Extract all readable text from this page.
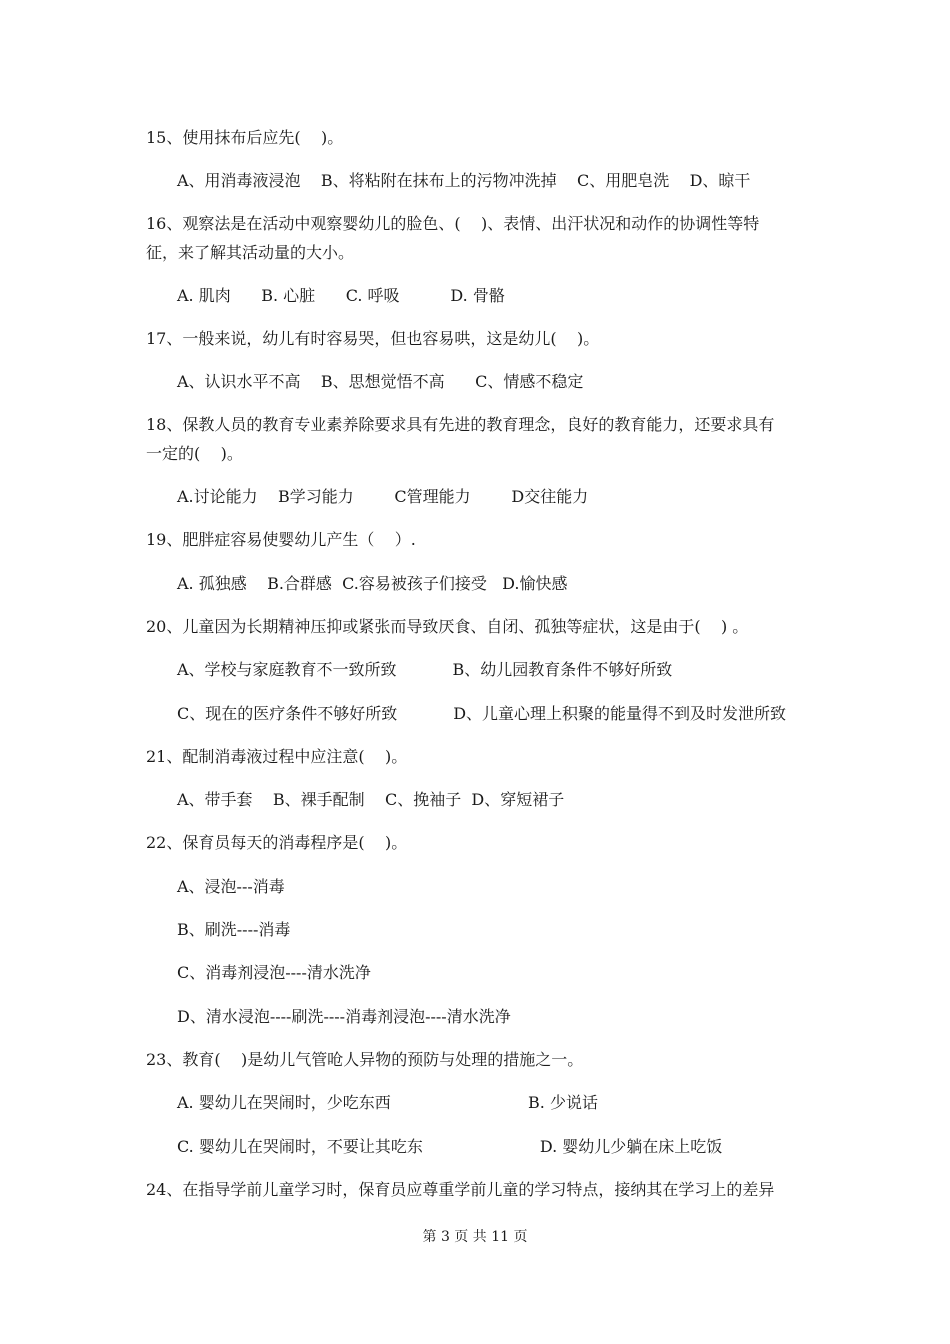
15、使用抹布后应先(    )。
A、用消毒液浸泡    B、将粘附在抹布上的污物冲洗掉    C、用肥皂洗    D、晾干
16、观察法是在活动中观察婴幼儿的脸色、(    )、表情、出汗状况和动作的协调性等特
征，来了解其活动量的大小。
A. 肌肉      B. 心脏      C. 呼吸          D. 骨骼
17、一般来说，幼儿有时容易哭，但也容易哄，这是幼儿(    )。
A、认识水平不高    B、思想觉悟不高      C、情感不稳定
18、保教人员的教育专业素养除要求具有先进的教育理念，良好的教育能力，还要求具有
一定的(    )。
A.讨论能力    B学习能力        C管理能力        D交往能力
19、肥胖症容易使婴幼儿产生（    ）.
A. 孤独感    B.合群感  C.容易被孩子们接受   D.愉快感
20、儿童因为长期精神压抑或紧张而导致厌食、自闭、孤独等症状，这是由于(    ) 。
A、学校与家庭教育不一致所致           B、幼儿园教育条件不够好所致
C、现在的医疗条件不够好所致           D、儿童心理上积聚的能量得不到及时发泄所致
21、配制消毒液过程中应注意(    )。
A、带手套    B、裸手配制    C、挽袖子  D、穿短裙子
22、保育员每天的消毒程序是(    )。
A、浸泡---消毒
B、刷洗----消毒
C、消毒剂浸泡----清水洗净
D、清水浸泡----刷洗----消毒剂浸泡----清水洗净
23、教育(    )是幼儿气管呛人异物的预防与处理的措施之一。
A. 婴幼儿在哭闹时，少吃东西                           B. 少说话
C. 婴幼儿在哭闹时，不要让其吃东                       D. 婴幼儿少躺在床上吃饭
24、在指导学前儿童学习时，保育员应尊重学前儿童的学习特点，接纳其在学习上的差异
第 3 页 共 11 页
